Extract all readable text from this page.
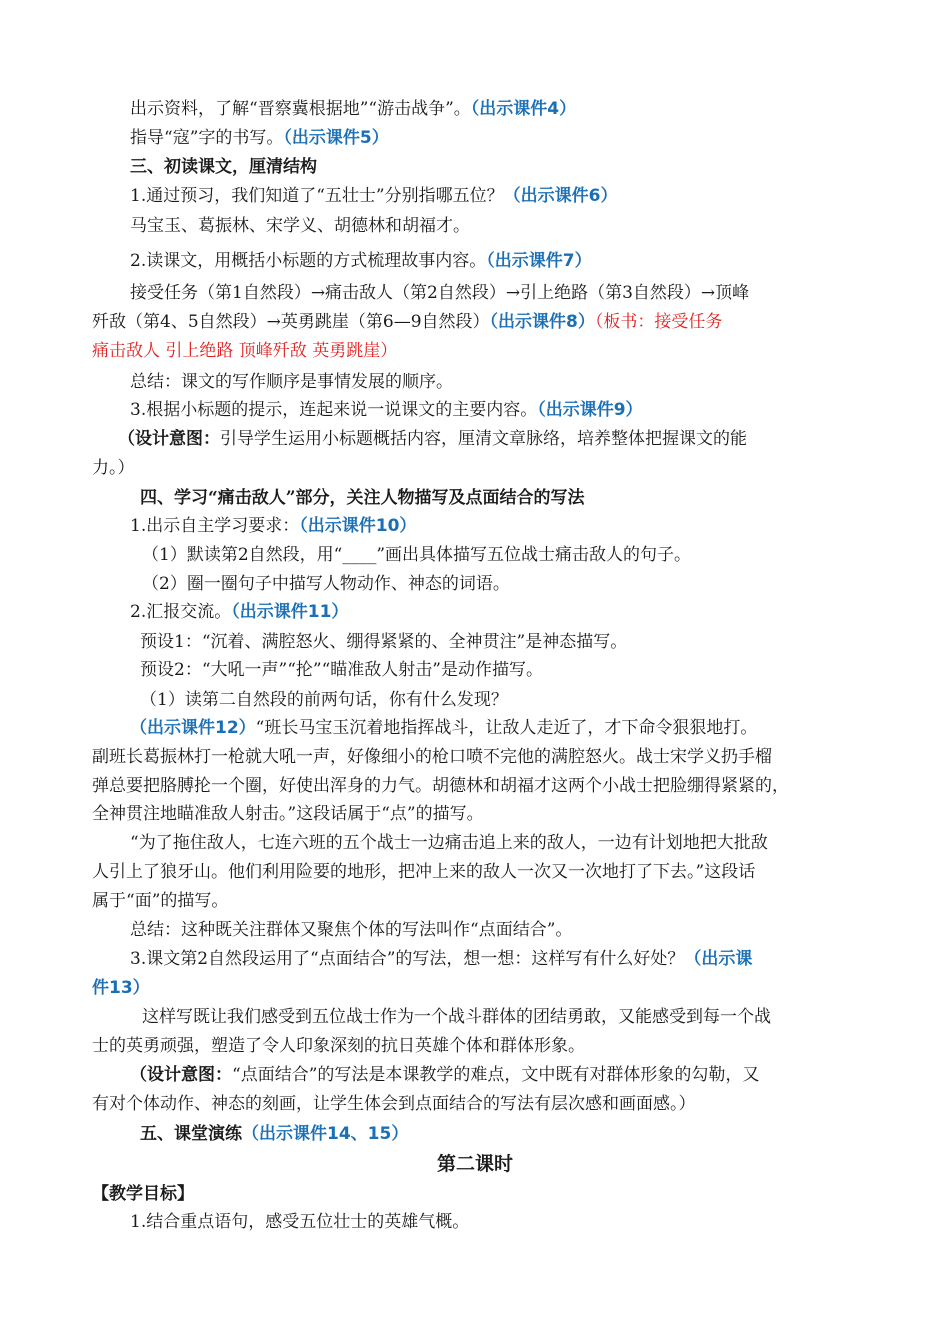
出示资料，了解“晋察冀根据地”“游击战争”。（出示课件4）
指导“寇”字的书写。（出示课件5）
三、初读课文，厘清结构
1.通过预习，我们知道了“五壮士”分别指哪五位？（出示课件6）
马宝玉、葛振林、宋学义、胡德林和胡福才。
2.读课文，用概括小标题的方式梳理故事内容。（出示课件7）
接受任务（第1自然段）→痛击敌人（第2自然段）→引上绝路（第3自然段）→顶峰
歼敌（第4、5自然段）→英勇跳崖（第6—9自然段）（出示课件8）（板书：接受任务
痛击敌人 引上绝路 顶峰歼敌 英勇跳崖）
总结：课文的写作顺序是事情发展的顺序。
3.根据小标题的提示，连起来说一说课文的主要内容。（出示课件9）
（设计意图：引导学生运用小标题概括内容，厘清文章脉络，培养整体把握课文的能
力。）
四、学习“痛击敌人”部分，关注人物描写及点面结合的写法
1.出示自主学习要求：（出示课件10）
（1）默读第2自然段，用“____”画出具体描写五位战士痛击敌人的句子。
（2）圈一圈句子中描写人物动作、神态的词语。
2.汇报交流。（出示课件11）
预设1：“沉着、满腔怒火、绷得紧紧的、全神贯注”是神态描写。
预设2：“大吼一声”“抡”“瞄准敌人射击”是动作描写。
（1）读第二自然段的前两句话，你有什么发现？
（出示课件12）“班长马宝玉沉着地指挥战斗，让敌人走近了，才下命令狠狠地打。
副班长葛振林打一枪就大吼一声，好像细小的枪口喷不完他的满腔怒火。战士宋学义扔手榴
弹总要把胳膊抡一个圈，好使出浑身的力气。胡德林和胡福才这两个小战士把脸绷得紧紧的，
全神贯注地瞄准敌人射击。”这段话属于“点”的描写。
“为了拖住敌人，七连六班的五个战士一边痛击追上来的敌人，一边有计划地把大批敌
人引上了狼牙山。他们利用险要的地形，把冲上来的敌人一次又一次地打了下去。”这段话
属于“面”的描写。
总结：这种既关注群体又聚焦个体的写法叫作“点面结合”。
3.课文第2自然段运用了“点面结合”的写法，想一想：这样写有什么好处？（出示课
件13）
这样写既让我们感受到五位战士作为一个战斗群体的团结勇敢，又能感受到每一个战
士的英勇顽强，塑造了令人印象深刻的抗日英雄个体和群体形象。
（设计意图：“点面结合”的写法是本课教学的难点，文中既有对群体形象的勾勒，又
有对个体动作、神态的刻画，让学生体会到点面结合的写法有层次感和画面感。）
五、课堂演练（出示课件14、15）
第二课时
【教学目标】
1.结合重点语句，感受五位壮士的英雄气概。
